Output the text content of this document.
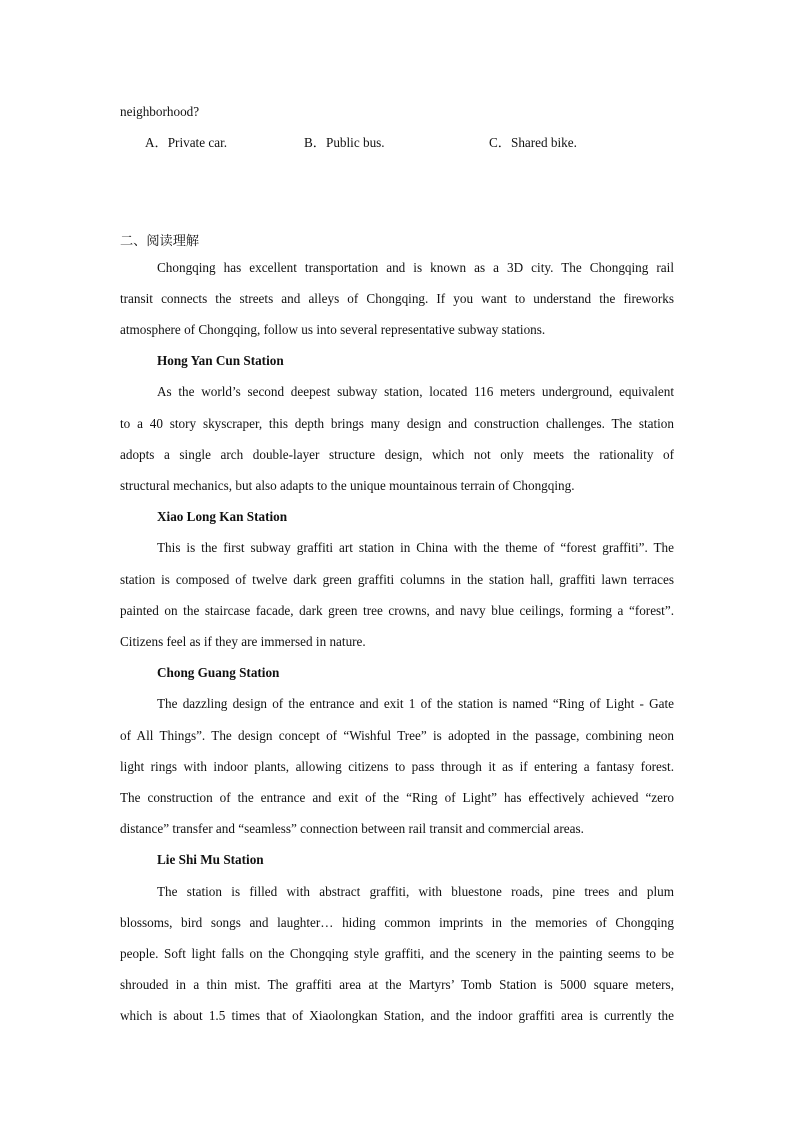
neighborhood?
A．Private car.	B．Public bus.	C．Shared bike.
二、阅读理解
Chongqing has excellent transportation and is known as a 3D city. The Chongqing rail
transit connects the streets and alleys of Chongqing. If you want to understand the fireworks
atmosphere of Chongqing, follow us into several representative subway stations.
Hong Yan Cun Station
As the world’s second deepest subway station, located 116 meters underground, equivalent
to a 40 story skyscraper, this depth brings many design and construction challenges. The station
adopts a single arch double-layer structure design, which not only meets the rationality of
structural mechanics, but also adapts to the unique mountainous terrain of Chongqing.
Xiao Long Kan Station
This is the first subway graffiti art station in China with the theme of “forest graffiti”. The
station is composed of twelve dark green graffiti columns in the station hall, graffiti lawn terraces
painted on the staircase facade, dark green tree crowns, and navy blue ceilings, forming a “forest”.
Citizens feel as if they are immersed in nature.
Chong Guang Station
The dazzling design of the entrance and exit 1 of the station is named “Ring of Light - Gate
of All Things”. The design concept of “Wishful Tree” is adopted in the passage, combining neon
light rings with indoor plants, allowing citizens to pass through it as if entering a fantasy forest.
The construction of the entrance and exit of the “Ring of Light” has effectively achieved “zero
distance” transfer and “seamless” connection between rail transit and commercial areas.
Lie Shi Mu Station
The station is filled with abstract graffiti, with bluestone roads, pine trees and plum
blossoms, bird songs and laughter… hiding common imprints in the memories of Chongqing
people. Soft light falls on the Chongqing style graffiti, and the scenery in the painting seems to be
shrouded in a thin mist. The graffiti area at the Martyrs’ Tomb Station is 5000 square meters,
which is about 1.5 times that of Xiaolongkan Station, and the indoor graffiti area is currently the
